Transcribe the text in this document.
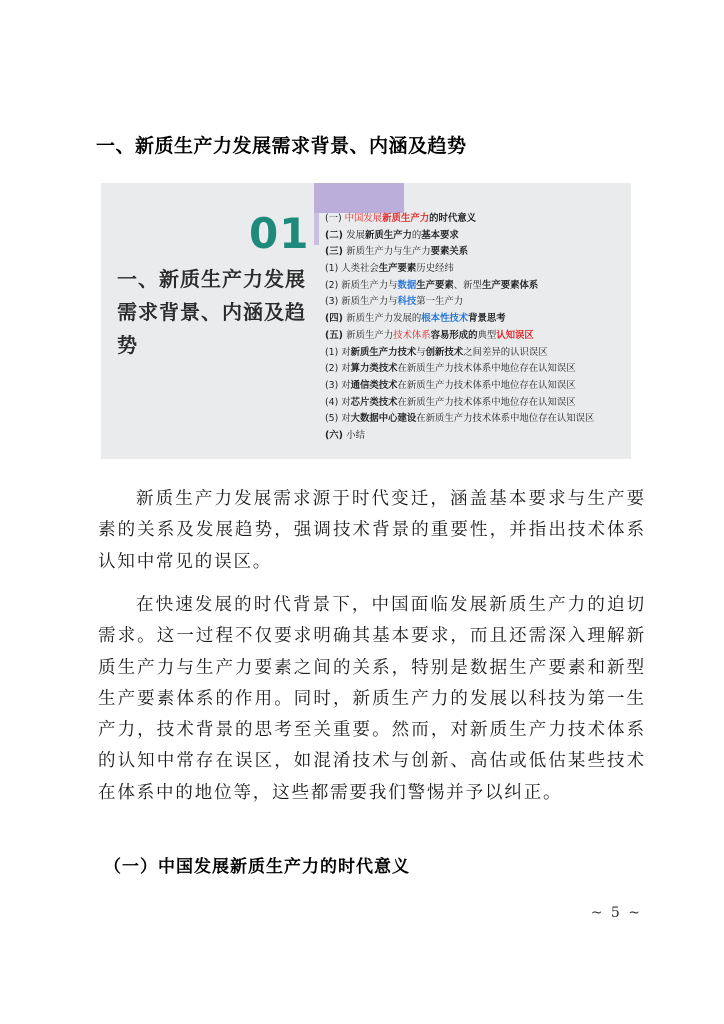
一、新质生产力发展需求背景、内涵及趋势
01
一、新质生产力发展需求背景、内涵及趋势
(一) 中国发展新质生产力的时代意义
(二) 发展新质生产力的基本要求
(三) 新质生产力与生产力要素关系
(1) 人类社会生产要素历史经纬
(2) 新质生产力与数据生产要素、新型生产要素体系
(3) 新质生产力与科技第一生产力
(四) 新质生产力发展的根本性技术背景思考
(五) 新质生产力技术体系容易形成的典型认知误区
(1) 对新质生产力技术与创新技术之间差异的认识误区
(2) 对算力类技术在新质生产力技术体系中地位存在认知误区
(3) 对通信类技术在新质生产力技术体系中地位存在认知误区
(4) 对芯片类技术在新质生产力技术体系中地位存在认知误区
(5) 对大数据中心建设在新质生产力技术体系中地位存在认知误区
(六) 小结
新质生产力发展需求源于时代变迁，涵盖基本要求与生产要素的关系及发展趋势，强调技术背景的重要性，并指出技术体系认知中常见的误区。
在快速发展的时代背景下，中国面临发展新质生产力的迫切需求。这一过程不仅要求明确其基本要求，而且还需深入理解新质生产力与生产力要素之间的关系，特别是数据生产要素和新型生产要素体系的作用。同时，新质生产力的发展以科技为第一生产力，技术背景的思考至关重要。然而，对新质生产力技术体系的认知中常存在误区，如混淆技术与创新、高估或低估某些技术在体系中的地位等，这些都需要我们警惕并予以纠正。
（一）中国发展新质生产力的时代意义
~ 5 ~
